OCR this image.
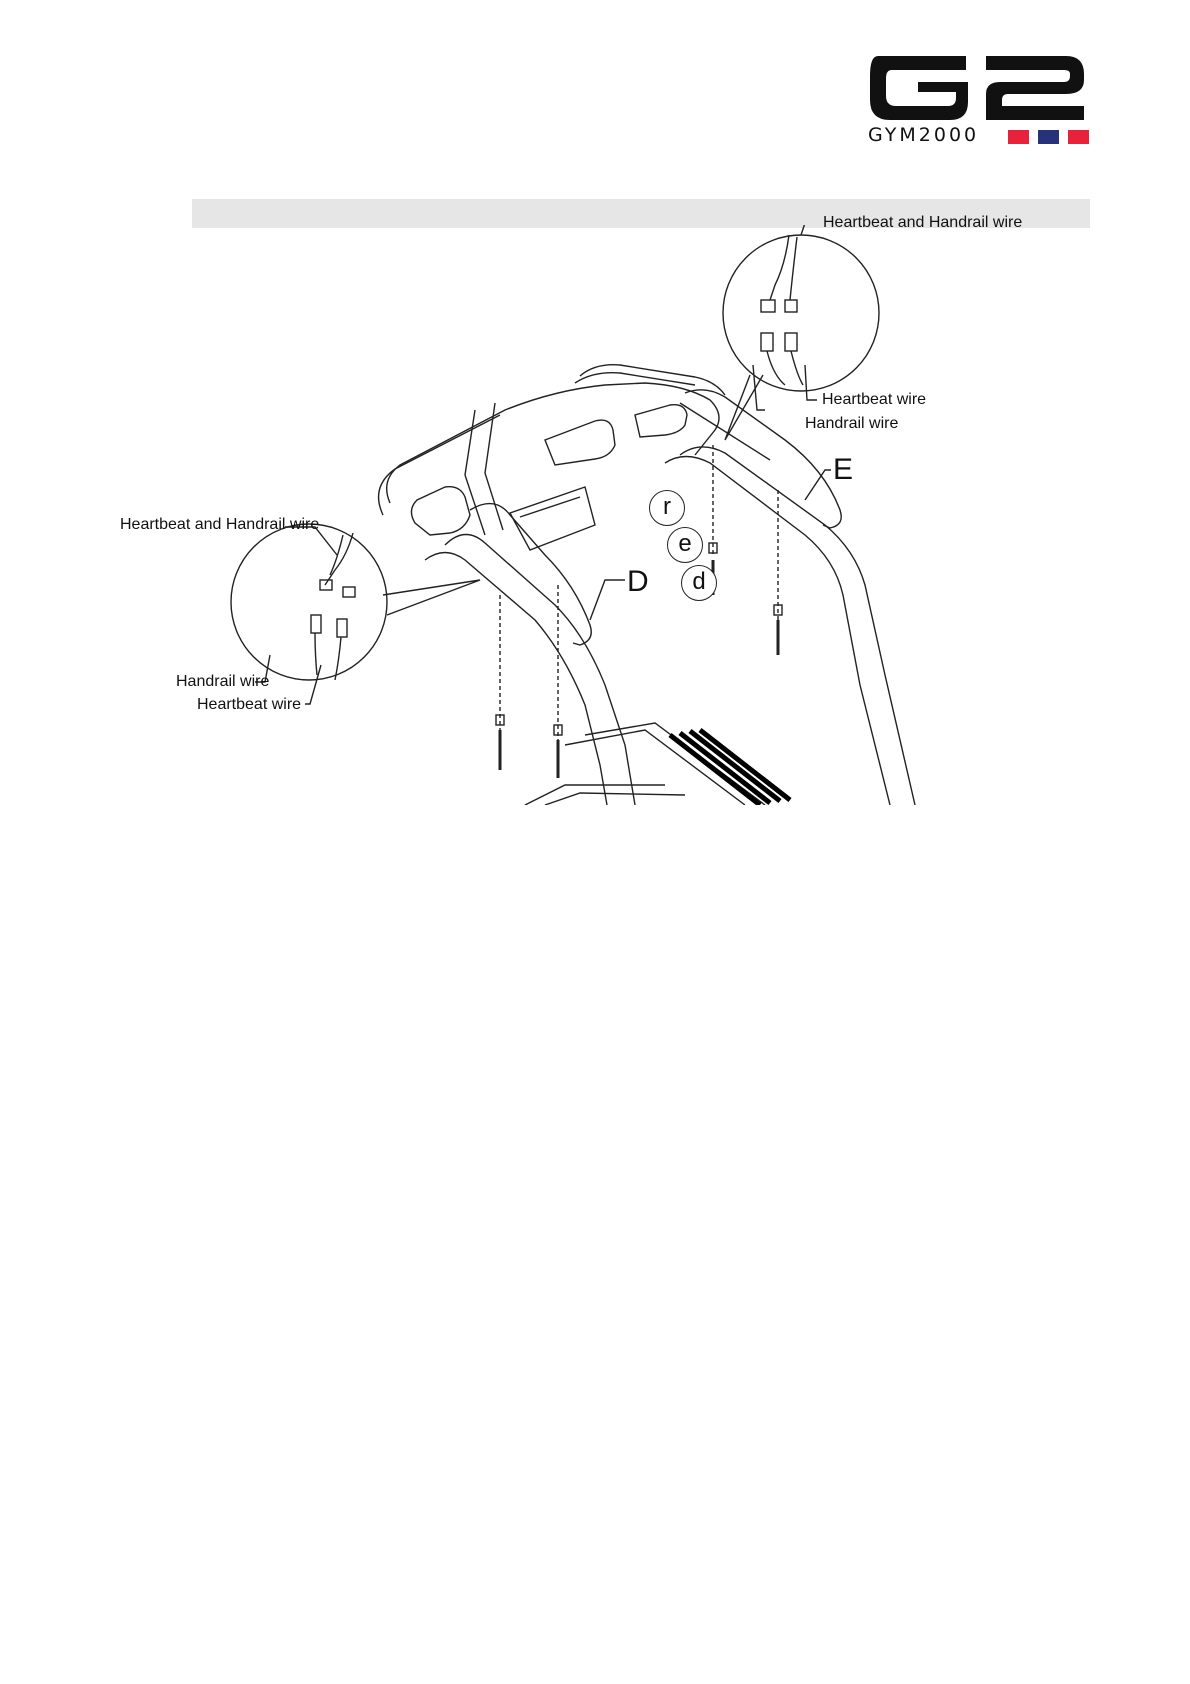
GYM2000
Heartbeat and Handrail wire
Heartbeat wire
Handrail wire
Heartbeat and Handrail wire
Handrail wire
Heartbeat wire
E
D
r
e
d
